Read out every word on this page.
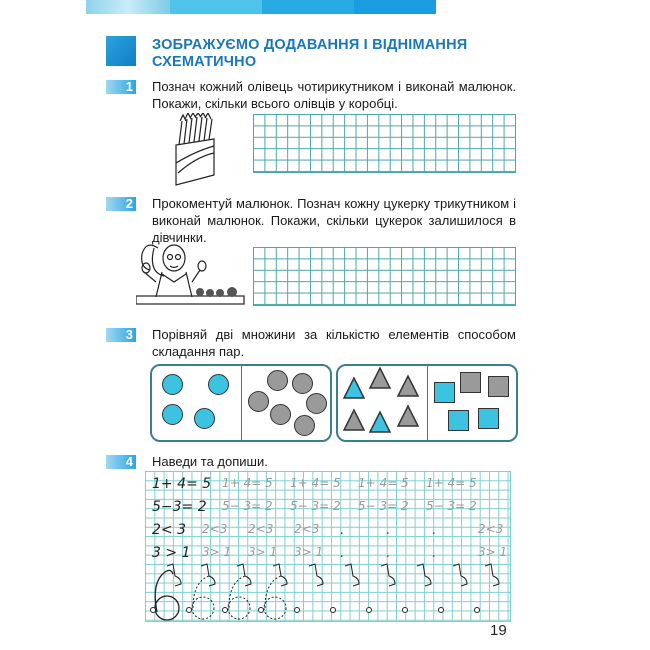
ЗОБРАЖУЄМО ДОДАВАННЯ І ВІДНІМАННЯ СХЕМАТИЧНО
1 Познач кожний олівець чотирикутником і виконай малюнок. Покажи, скільки всього олівців у коробці.
2 Прокоментуй малюнок. Познач кожну цукерку трикутником і виконай малюнок. Покажи, скільки цукерок залишилося в дівчинки.
3 Порівняй дві множини за кількістю елементів способом складання пар.
4 Наведи та допиши.
1+ 4= 5 1+ 4= 5	1+ 4= 5	1+ 4= 5	1+ 4= 5
5−3= 2	5− 3= 2	5− 3= 2	5− 3= 2	5− 3= 2
2< 3	2<3	2<3	2<3	.	.	.	2<3
3 > 1 3> 1	3> 1	3> 1	.	.	.	3> 1
19
